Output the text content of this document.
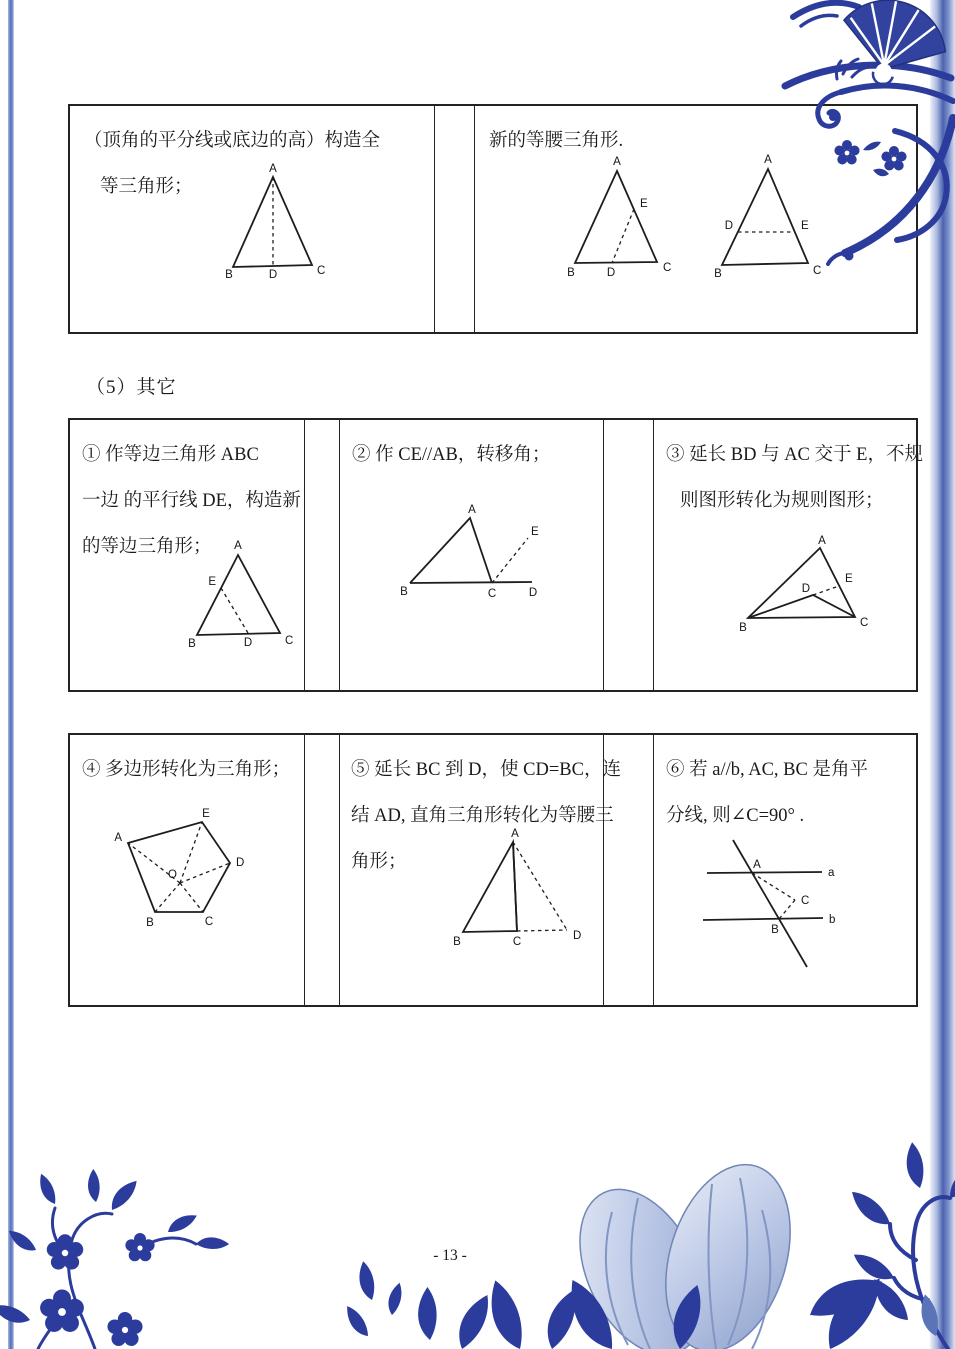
（顶角的平分线或底边的高）构造全
等三角形；
新的等腰三角形.
A
B	D	C
A
E
B	D	C
A
D	E
B	C
（5）其它
① 作等边三角形 ABC
一边 的平行线 DE，构造新
的等边三角形；
② 作 CE//AB，转移角；	③ 延长 BD 与 AC 交于 E，不规
则图形转化为规则图形；
A
E
B	D	C
A
B	C	D
E
A
B	C
D
E
④ 多边形转化为三角形；	⑤ 延长 BC 到 D，使 CD=BC，连
结 AD, 直角三角形转化为等腰三
角形；
⑥ 若 a//b, AC, BC 是角平
分线, 则∠C=90° .
A
E
D
C
B
O
A
B	C	D
A
B
C
a
b
- 13 -
